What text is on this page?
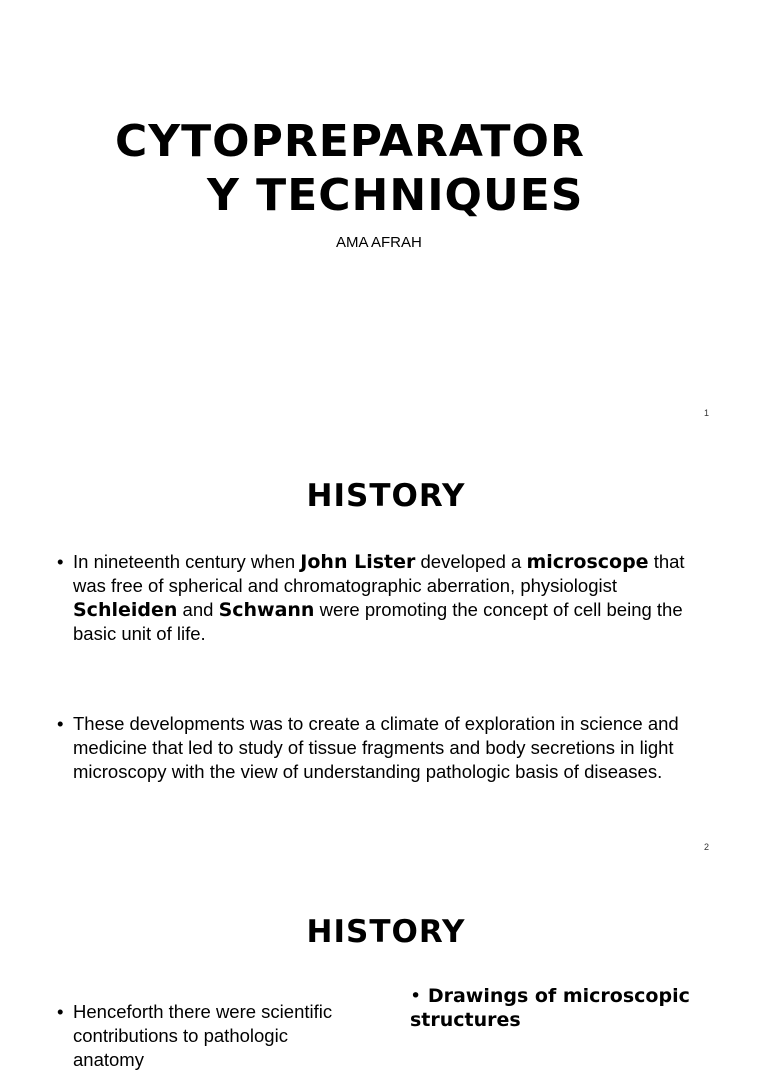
CYTOPREPARATOR
Y TECHNIQUES
AMA AFRAH
1
HISTORY
• In nineteenth century when John Lister developed a microscope that was free of spherical and chromatographic aberration, physiologist Schleiden and Schwann were promoting the concept of cell being the basic unit of life.
• These developments was to create a climate of exploration in science and medicine that led to study of tissue fragments and body secretions in light microscopy with the view of understanding pathologic basis of diseases.
2
HISTORY
• Henceforth there were scientific contributions to pathologic anatomy
• Drawings of microscopic structures
